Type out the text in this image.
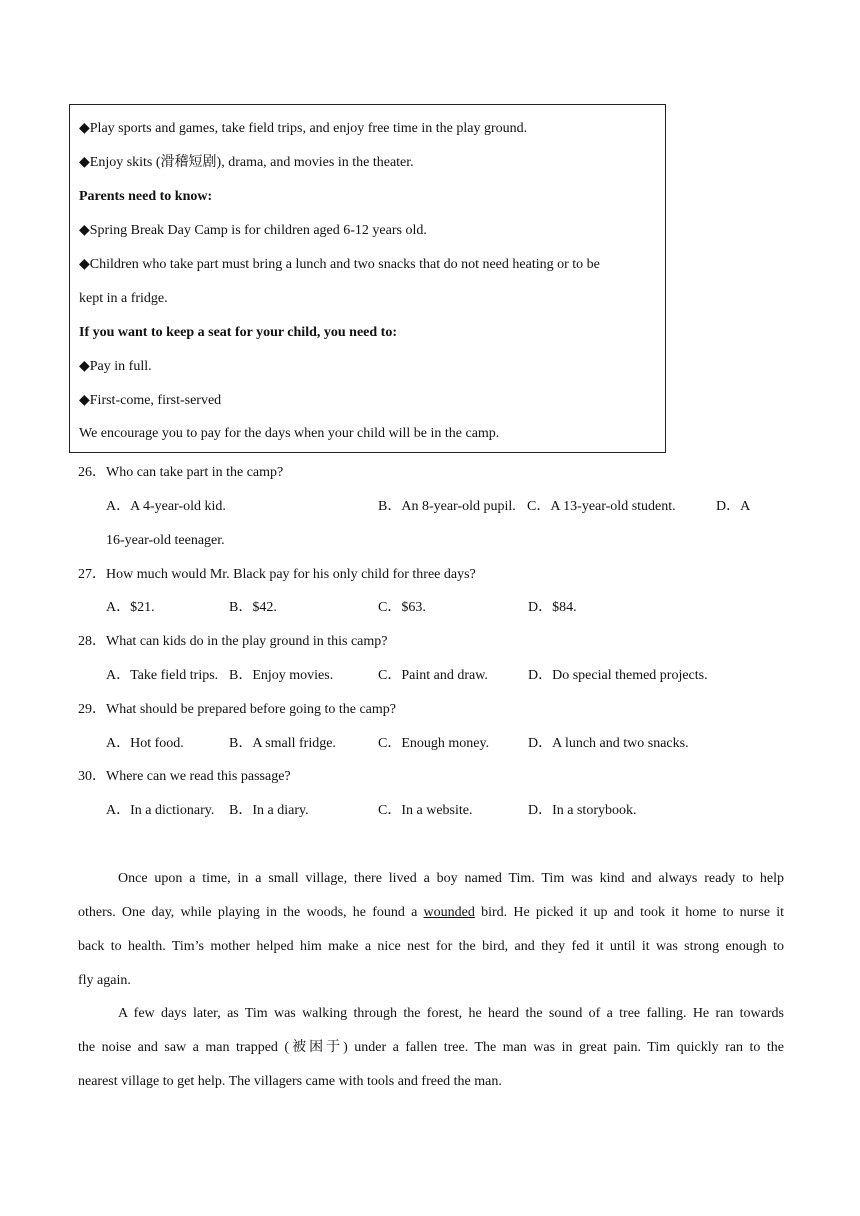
◆Play sports and games, take field trips, and enjoy free time in the play ground.
◆Enjoy skits (滑稽短剧), drama, and movies in the theater.
Parents need to know:
◆Spring Break Day Camp is for children aged 6-12 years old.
◆Children who take part must bring a lunch and two snacks that do not need heating or to be
kept in a fridge.
If you want to keep a seat for your child, you need to:
◆Pay in full.
◆First-come, first-served
We encourage you to pay for the days when your child will be in the camp.
26．Who can take part in the camp?
A．A 4-year-old kid.	B．An 8-year-old pupil. C．A 13-year-old student.	D．A
16-year-old teenager.
27．How much would Mr. Black pay for his only child for three days?
A．$21.	B．$42.	C．$63.	D．$84.
28．What can kids do in the play ground in this camp?
A．Take field trips. B．Enjoy movies.	C．Paint and draw.	D．Do special themed projects.
29．What should be prepared before going to the camp?
A．Hot food.	B．A small fridge.	C．Enough money.	D．A lunch and two snacks.
30．Where can we read this passage?
A．In a dictionary. B．In a diary.	C．In a website.	D．In a storybook.
Once upon a time, in a small village, there lived a boy named Tim. Tim was kind and always ready to help
others. One day, while playing in the woods, he found a wounded bird. He picked it up and took it home to nurse it
back to health. Tim’s mother helped him make a nice nest for the bird, and they fed it until it was strong enough to
fly again.
A few days later, as Tim was walking through the forest, he heard the sound of a tree falling. He ran towards
the noise and saw a man trapped (被困于) under a fallen tree. The man was in great pain. Tim quickly ran to the
nearest village to get help. The villagers came with tools and freed the man.
